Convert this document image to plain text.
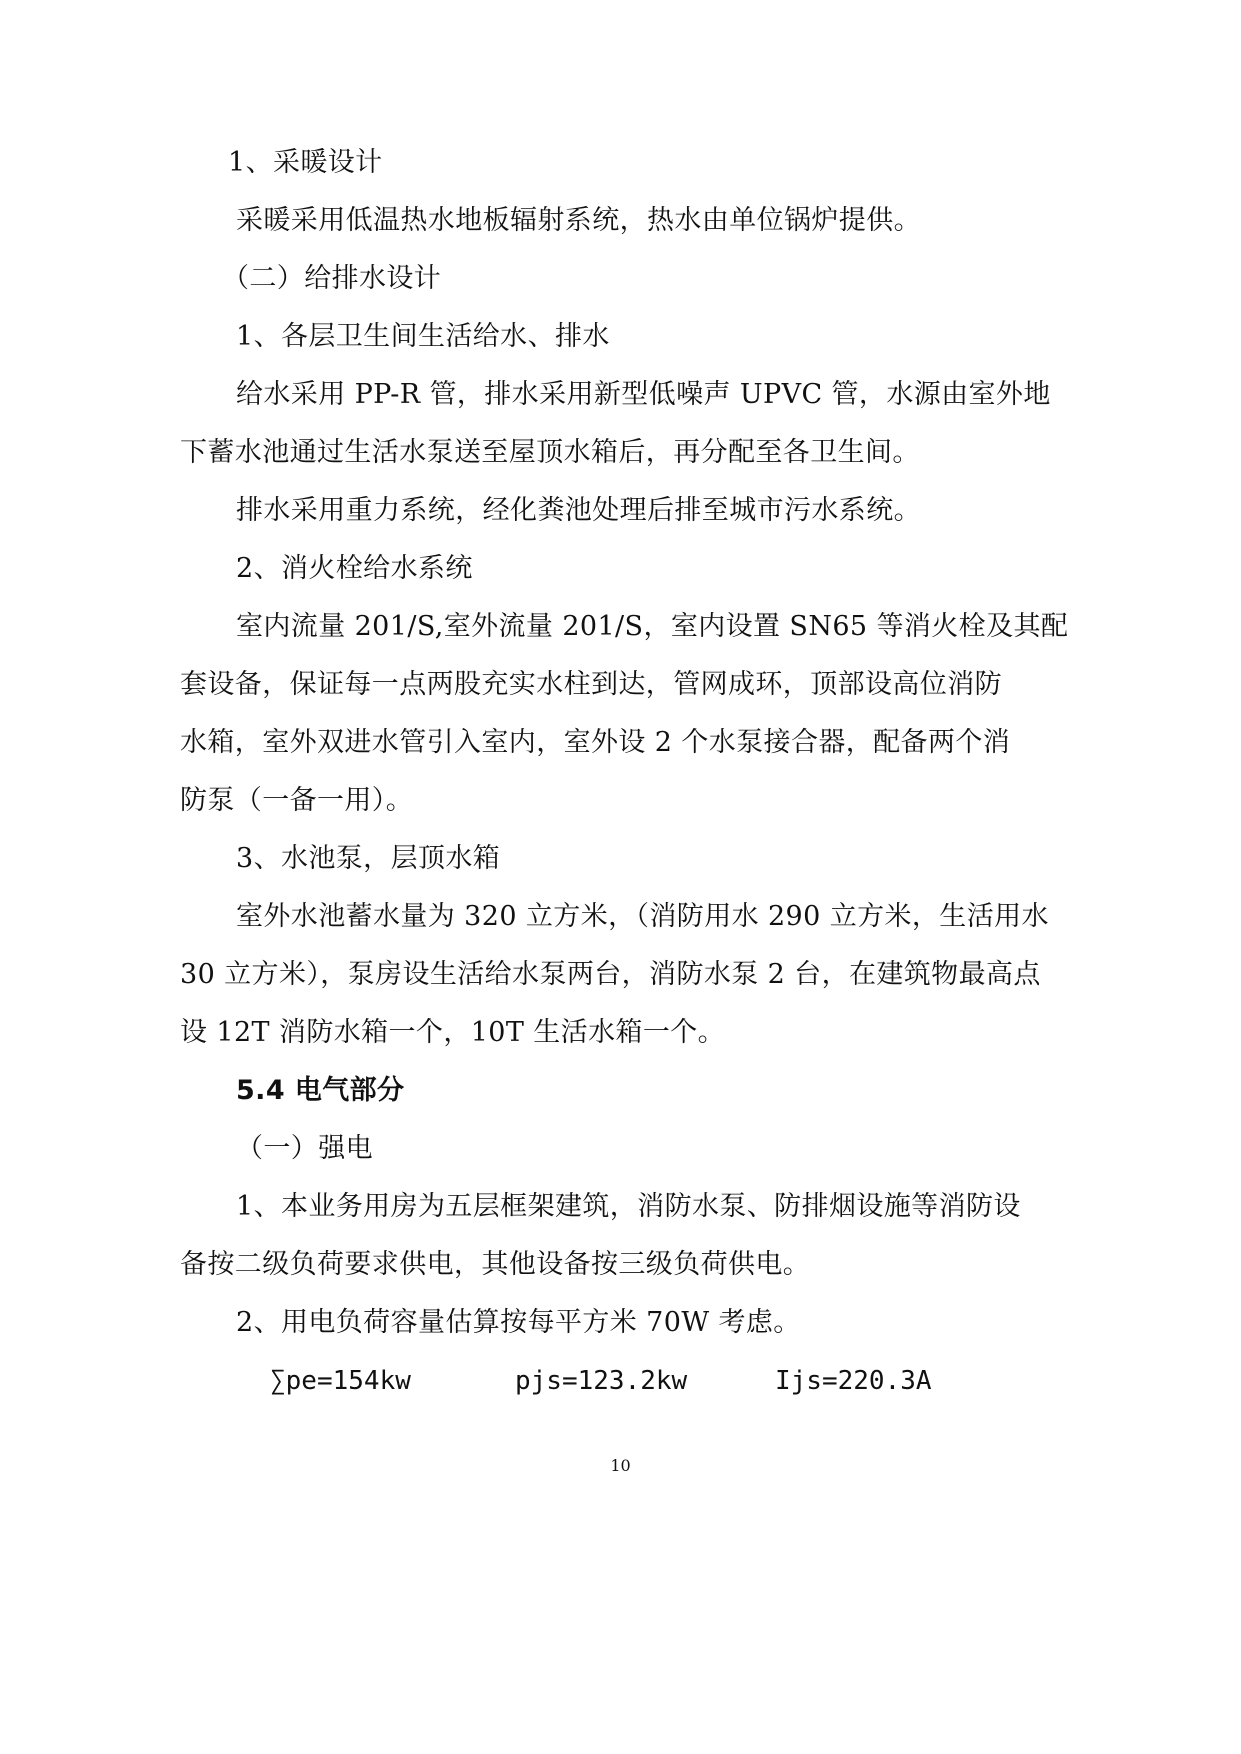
1、采暖设计
采暖采用低温热水地板辐射系统，热水由单位锅炉提供。
（二）给排水设计
1、各层卫生间生活给水、排水
给水采用 PP-R 管，排水采用新型低噪声 UPVC 管，水源由室外地
下蓄水池通过生活水泵送至屋顶水箱后，再分配至各卫生间。
排水采用重力系统，经化粪池处理后排至城市污水系统。
2、消火栓给水系统
室内流量 201/S,室外流量 201/S，室内设置 SN65 等消火栓及其配
套设备，保证每一点两股充实水柱到达，管网成环，顶部设高位消防
水箱，室外双进水管引入室内，室外设 2 个水泵接合器，配备两个消
防泵（一备一用）。
3、水池泵，层顶水箱
室外水池蓄水量为 320 立方米，（消防用水 290 立方米，生活用水
30 立方米），泵房设生活给水泵两台，消防水泵 2 台，在建筑物最高点
设 12T 消防水箱一个，10T 生活水箱一个。
5.4 电气部分
（一）强电
1、本业务用房为五层框架建筑，消防水泵、防排烟设施等消防设
备按二级负荷要求供电，其他设备按三级负荷供电。
2、用电负荷容量估算按每平方米 70W 考虑。
∑pe=154kw	pjs=123.2kw	Ijs=220.3A
10
